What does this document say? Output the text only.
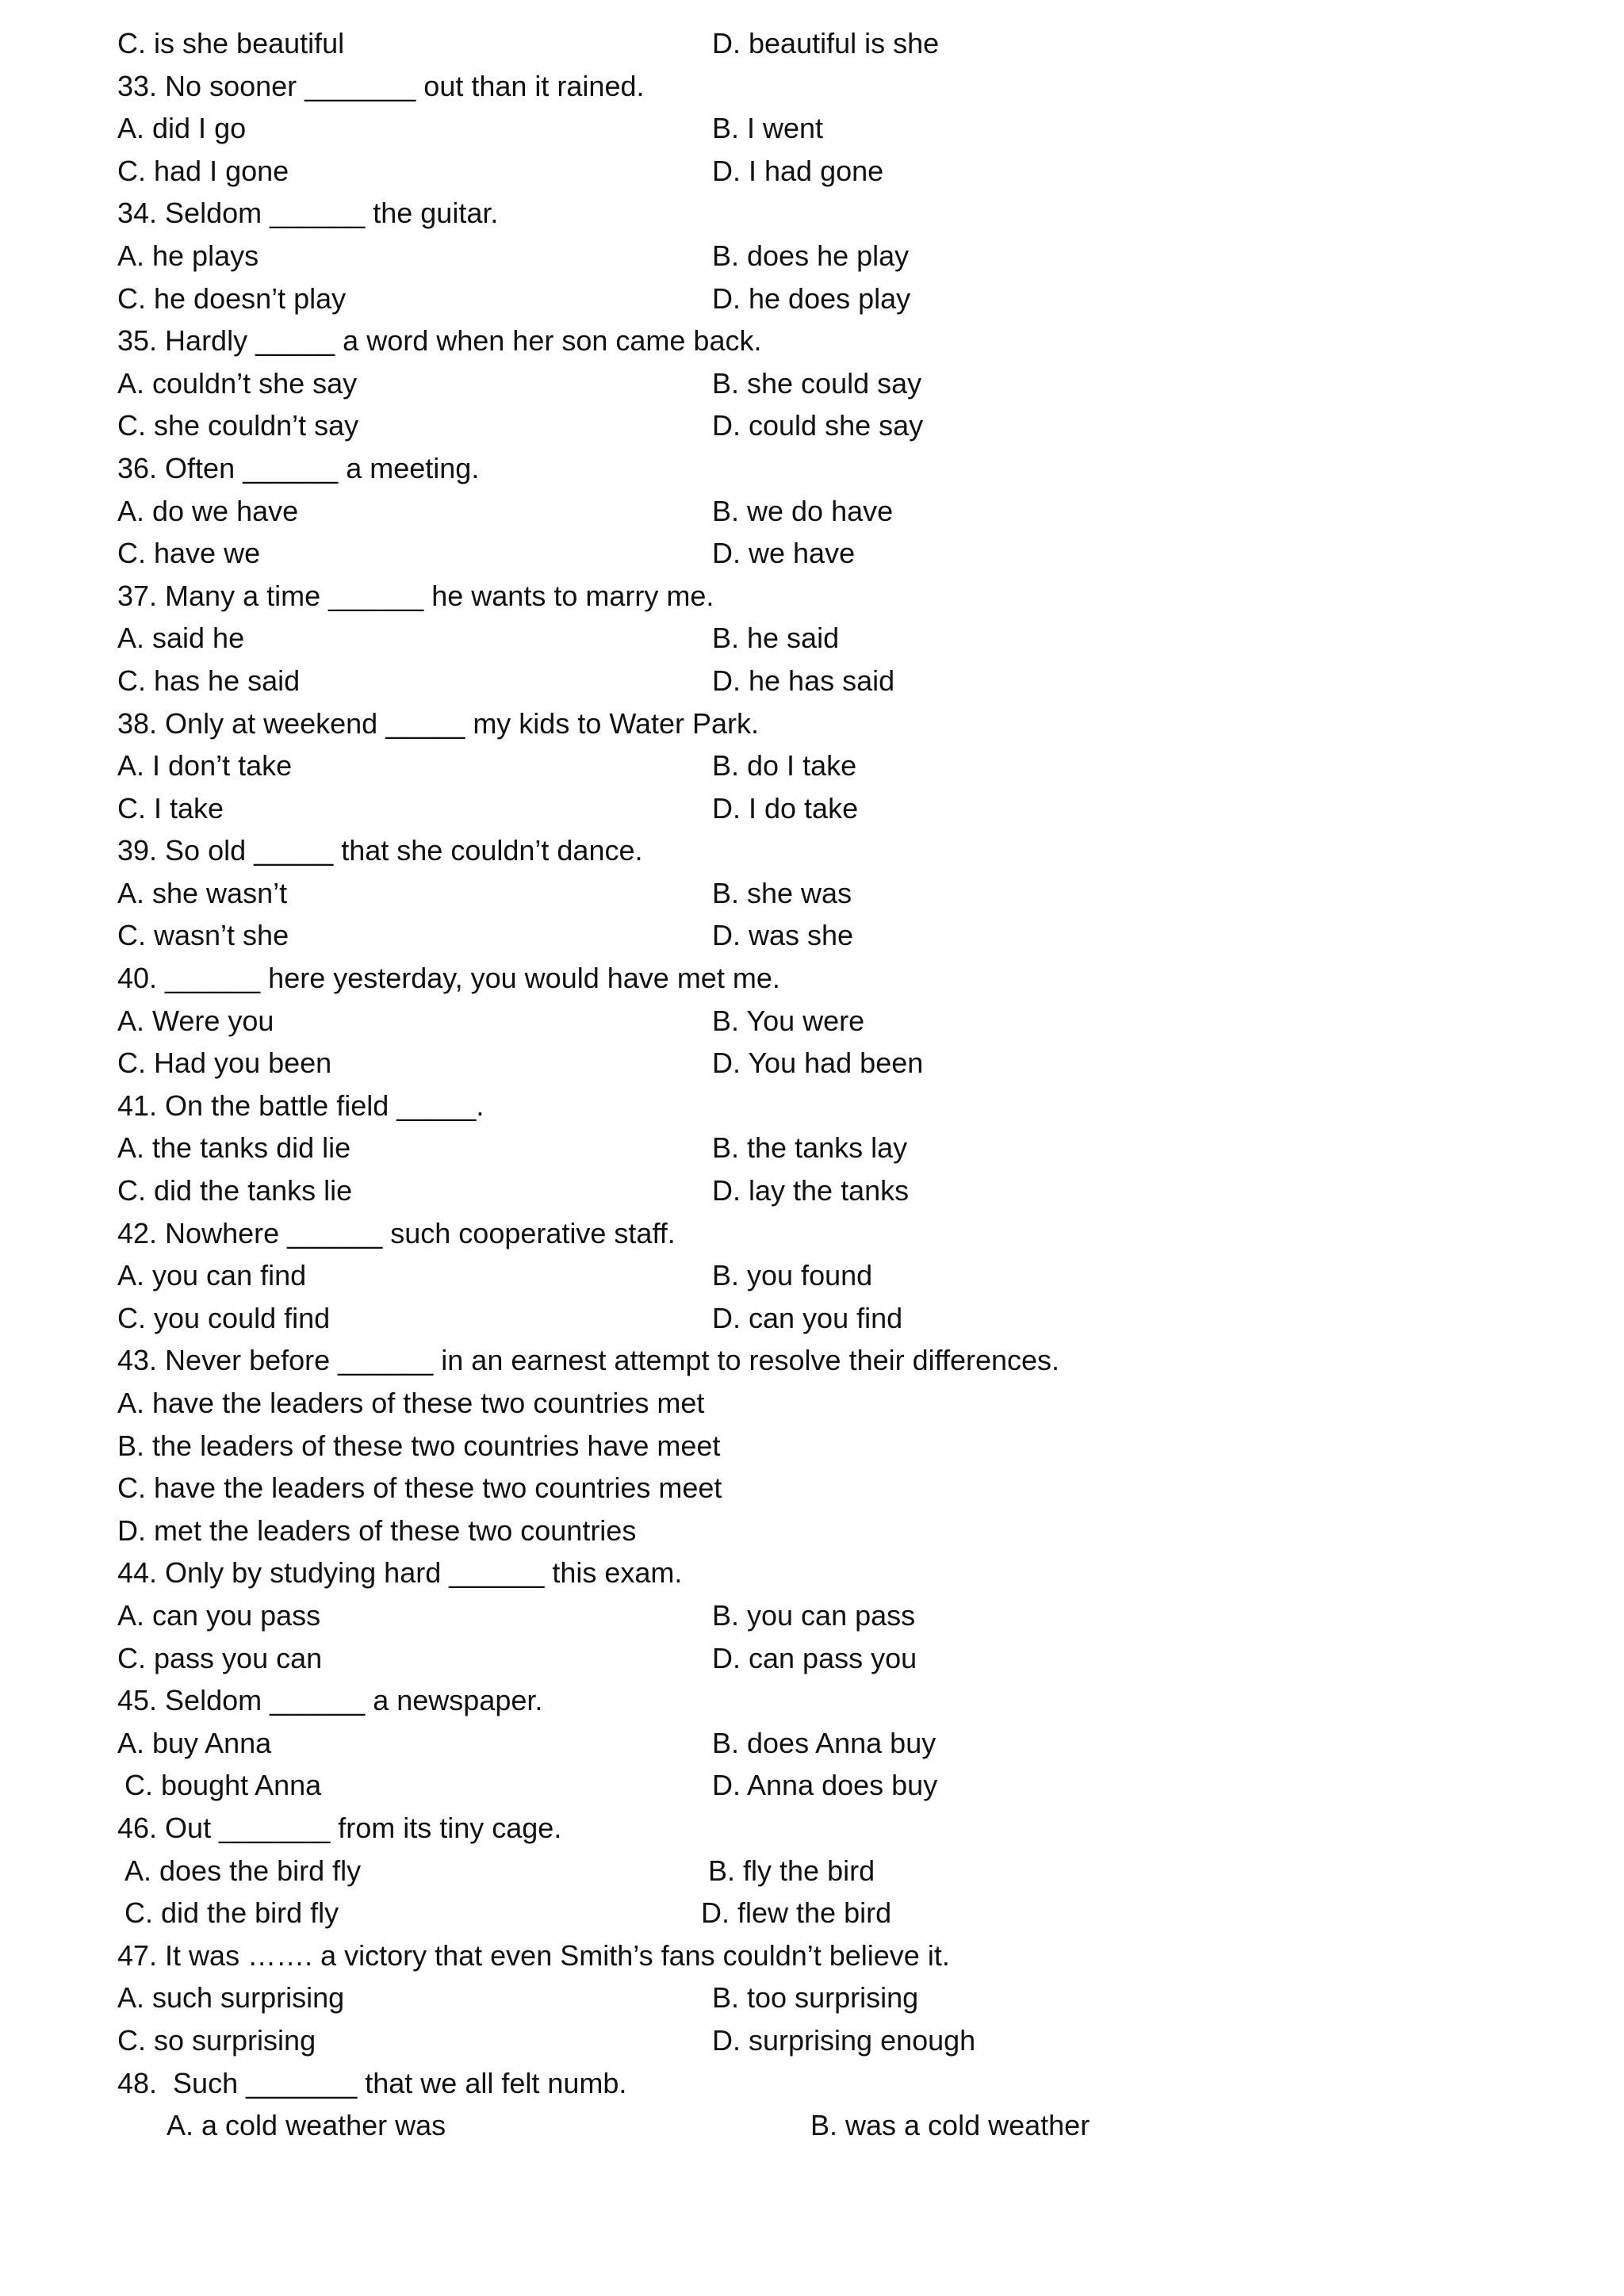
C. is she beautiful	D. beautiful is she
33. No sooner _______ out than it rained.
A. did I go	B. I went
C. had I gone	D. I had gone
34. Seldom ______ the guitar.
A. he plays	B. does he play
C. he doesn’t play	D. he does play
35. Hardly _____ a word when her son came back.
A. couldn’t she say	B. she could say
C. she couldn’t say	D. could she say
36. Often ______ a meeting.
A. do we have	B. we do have
C. have we	D. we have
37. Many a time ______ he wants to marry me.
A. said he	B. he said
C. has he said	D. he has said
38. Only at weekend _____ my kids to Water Park.
A. I don’t take	B. do I take
C. I take	D. I do take
39. So old _____ that she couldn’t dance.
A. she wasn’t	B. she was
C. wasn’t she	D. was she
40. ______ here yesterday, you would have met me.
A. Were you	B. You were
C. Had you been	D. You had been
41. On the battle field _____.
A. the tanks did lie	B. the tanks lay
C. did the tanks lie	D. lay the tanks
42. Nowhere ______ such cooperative staff.
A. you can find	B. you found
C. you could find	D. can you find
43. Never before ______ in an earnest attempt to resolve their differences.
A. have the leaders of these two countries met
B. the leaders of these two countries have meet
C. have the leaders of these two countries meet
D. met the leaders of these two countries
44. Only by studying hard ______ this exam.
A. can you pass	B. you can pass
C. pass you can	D. can pass you
45. Seldom ______ a newspaper.
A. buy Anna	B. does Anna buy
C. bought Anna	D. Anna does buy
46. Out _______ from its tiny cage.
A. does the bird fly	B. fly the bird
C. did the bird fly	D. flew the bird
47. It was ……. a victory that even Smith’s fans couldn’t believe it.
A. such surprising	B. too surprising
C. so surprising	D. surprising enough
48.  Such _______ that we all felt numb.
A. a cold weather was	B. was a cold weather
